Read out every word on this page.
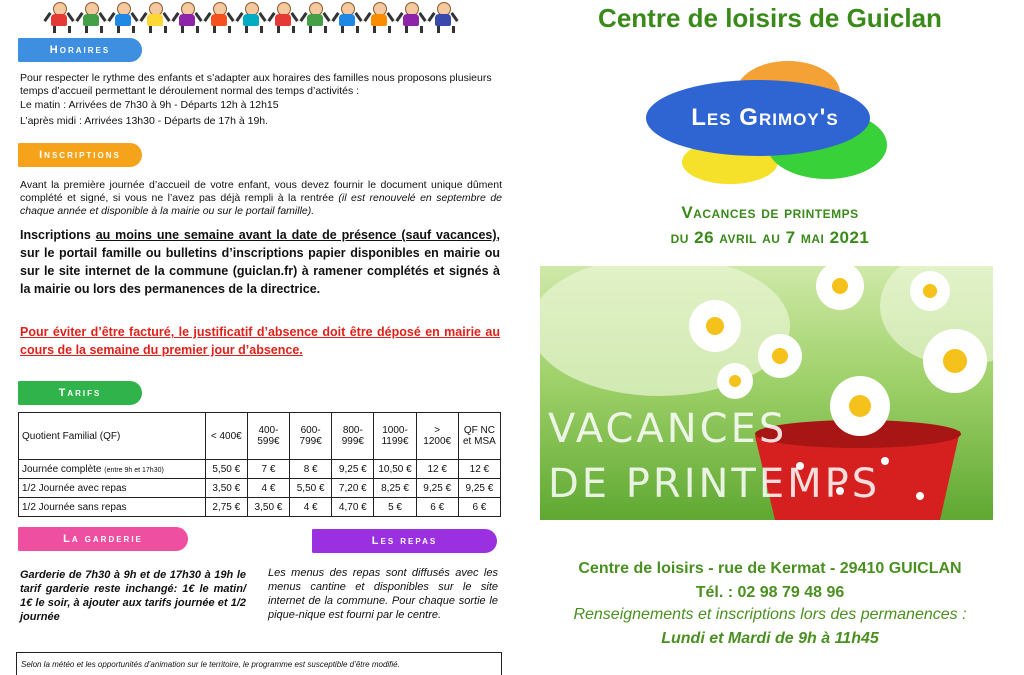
Horaires
Pour respecter le rythme des enfants et s’adapter aux horaires des familles nous proposons plusieurs temps d’accueil permettant le déroulement normal des temps d’activités :
Le matin : Arrivées de 7h30 à 9h - Départs 12h à 12h15
L’après midi : Arrivées 13h30 - Départs de 17h à 19h.
Inscriptions
Avant la première journée d’accueil de votre enfant, vous devez fournir le document unique dûment complété et signé, si vous ne l’avez pas déjà rempli à la rentrée (il est renouvelé en septembre de chaque année et disponible à la mairie ou sur le portail famille).
Inscriptions au moins une semaine avant la date de présence (sauf vacances), sur le portail famille ou bulletins d’inscriptions papier disponibles en mairie ou sur le site internet de la commune (guiclan.fr) à ramener complétés et signés à la mairie ou lors des permanences de la directrice.
Pour éviter d’être facturé, le justificatif d’absence doit être déposé en mairie au cours de la semaine du premier jour d’absence.
Tarifs
Quotient Familial (QF)	< 400€	400-599€	600-799€	800-999€	1000-1199€	> 1200€	QF NC et MSA
Journée complète (entre 9h et 17h30)	5,50 €	7 €	8 €	9,25 €	10,50 €	12 €	12 €
1/2 Journée avec repas	3,50 €	4 €	5,50 €	7,20 €	8,25 €	9,25 €	9,25 €
1/2 Journée sans repas	2,75 €	3,50 €	4 €	4,70 €	5 €	6 €	6 €
La garderie	Les repas
Garderie de 7h30 à 9h et de 17h30 à 19h le tarif garderie reste inchangé: 1€ le matin/ 1€ le soir, à ajouter aux tarifs journée et 1/2 journée
Les menus des repas sont diffusés avec les menus cantine et disponibles sur le site internet de la commune. Pour chaque sortie le pique-nique est fourni par le centre.
Selon la météo et les opportunités d’animation sur le territoire, le programme est susceptible d’être modifié.
Centre de loisirs de Guiclan
Les Grimoy's
Vacances de printemps
du 26 avril au 7 mai 2021
VACANCES
DE PRINTEMPS
Centre de loisirs - rue de Kermat - 29410 GUICLAN
Tél. : 02 98 79 48 96
Renseignements et inscriptions lors des permanences :
Lundi et Mardi de 9h à 11h45
